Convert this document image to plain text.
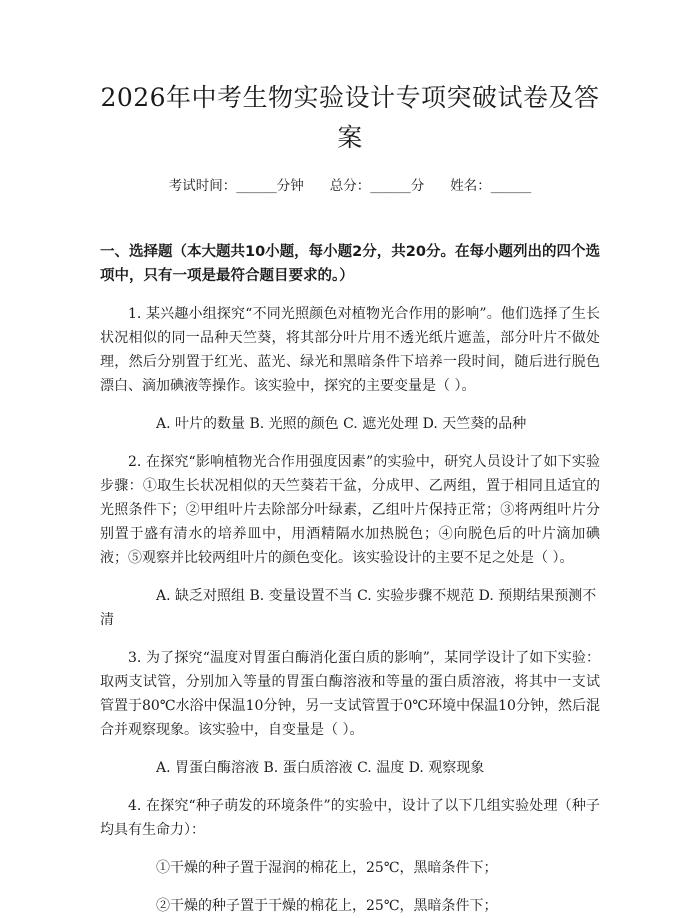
2026年中考生物实验设计专项突破试卷及答案
考试时间：______分钟 总分：______分 姓名：______
一、选择题（本大题共10小题，每小题2分，共20分。在每小题列出的四个选项中，只有一项是最符合题目要求的。）

1. 某兴趣小组探究“不同光照颜色对植物光合作用的影响”。他们选择了生长状况相似的同一品种天竺葵，将其部分叶片用不透光纸片遮盖，部分叶片不做处理，然后分别置于红光、蓝光、绿光和黑暗条件下培养一段时间，随后进行脱色漂白、滴加碘液等操作。该实验中，探究的主要变量是（ ）。

A. 叶片的数量 B. 光照的颜色 C. 遮光处理 D. 天竺葵的品种

2. 在探究“影响植物光合作用强度因素”的实验中，研究人员设计了如下实验步骤：①取生长状况相似的天竺葵若干盆，分成甲、乙两组，置于相同且适宜的光照条件下；②甲组叶片去除部分叶绿素，乙组叶片保持正常；③将两组叶片分别置于盛有清水的培养皿中，用酒精隔水加热脱色；④向脱色后的叶片滴加碘液；⑤观察并比较两组叶片的颜色变化。该实验设计的主要不足之处是（ ）。

A. 缺乏对照组 B. 变量设置不当 C. 实验步骤不规范 D. 预期结果预测不清

3. 为了探究“温度对胃蛋白酶消化蛋白质的影响”，某同学设计了如下实验：取两支试管，分别加入等量的胃蛋白酶溶液和等量的蛋白质溶液，将其中一支试管置于80℃水浴中保温10分钟，另一支试管置于0℃环境中保温10分钟，然后混合并观察现象。该实验中，自变量是（ ）。

A. 胃蛋白酶溶液 B. 蛋白质溶液 C. 温度 D. 观察现象

4. 在探究“种子萌发的环境条件”的实验中，设计了以下几组实验处理（种子均具有生命力）：

①干燥的种子置于湿润的棉花上，25℃，黑暗条件下；

②干燥的种子置于干燥的棉花上，25℃，黑暗条件下；
